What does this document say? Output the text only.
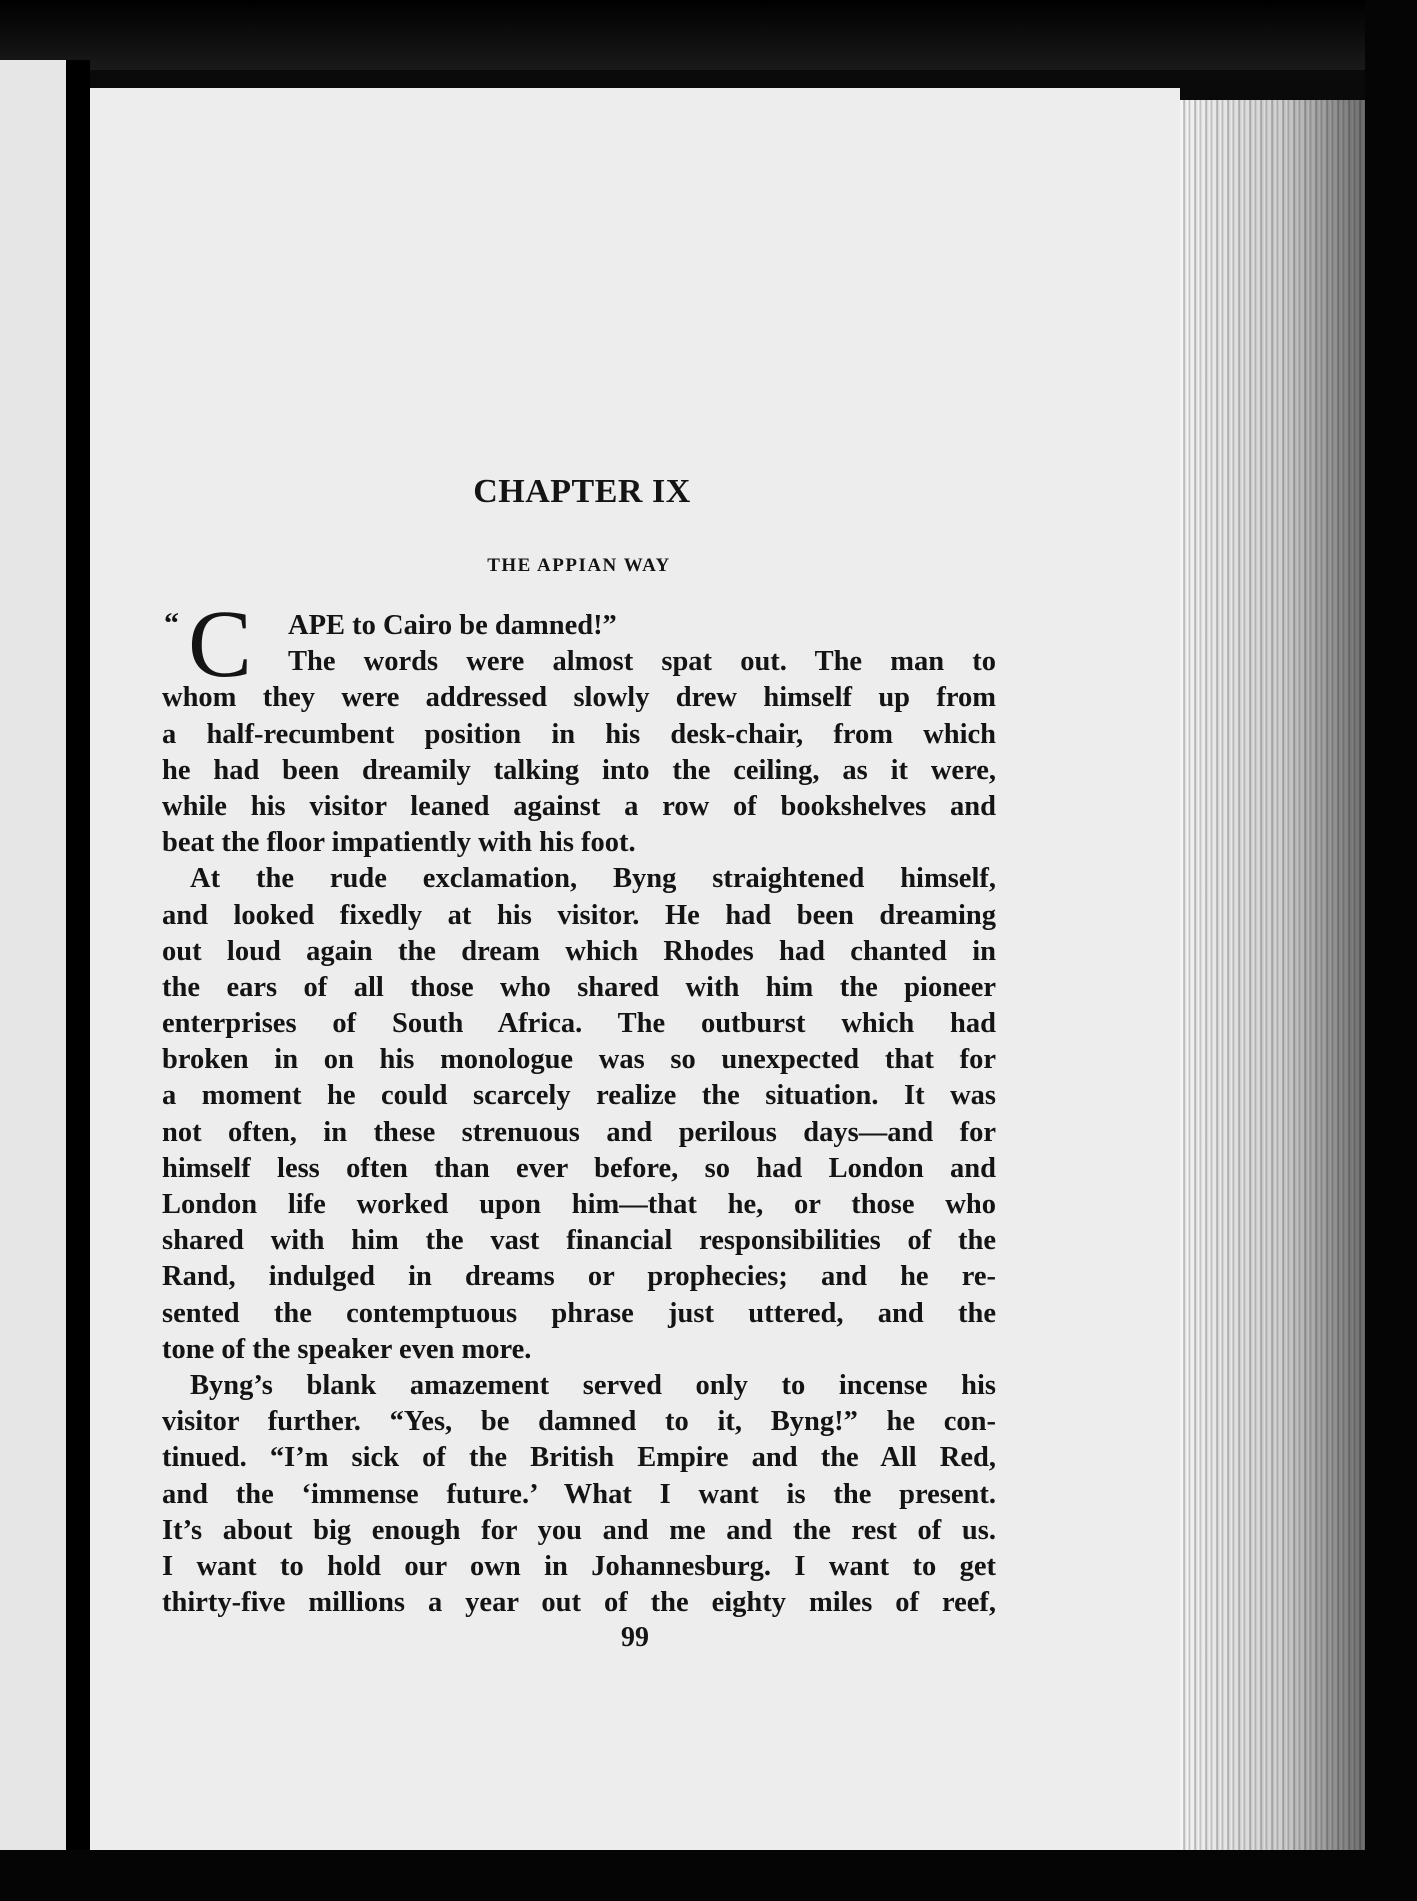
CHAPTER IX
THE APPIAN WAY
“ C	APE to Cairo be damned!”
The words were almost spat out. The man to
whom they were addressed slowly drew himself up from
a half-recumbent position in his desk-chair, from which
he had been dreamily talking into the ceiling, as it were,
while his visitor leaned against a row of bookshelves and
beat the floor impatiently with his foot.
At the rude exclamation, Byng straightened himself,
and looked fixedly at his visitor. He had been dreaming
out loud again the dream which Rhodes had chanted in
the ears of all those who shared with him the pioneer
enterprises of South Africa. The outburst which had
broken in on his monologue was so unexpected that for
a moment he could scarcely realize the situation. It was
not often, in these strenuous and perilous days—and for
himself less often than ever before, so had London and
London life worked upon him—that he, or those who
shared with him the vast financial responsibilities of the
Rand, indulged in dreams or prophecies; and he re-
sented the contemptuous phrase just uttered, and the
tone of the speaker even more.
Byng’s blank amazement served only to incense his
visitor further. “Yes, be damned to it, Byng!” he con-
tinued. “I’m sick of the British Empire and the All Red,
and the ‘immense future.’ What I want is the present.
It’s about big enough for you and me and the rest of us.
I want to hold our own in Johannesburg. I want to get
thirty-five millions a year out of the eighty miles of reef,
99
